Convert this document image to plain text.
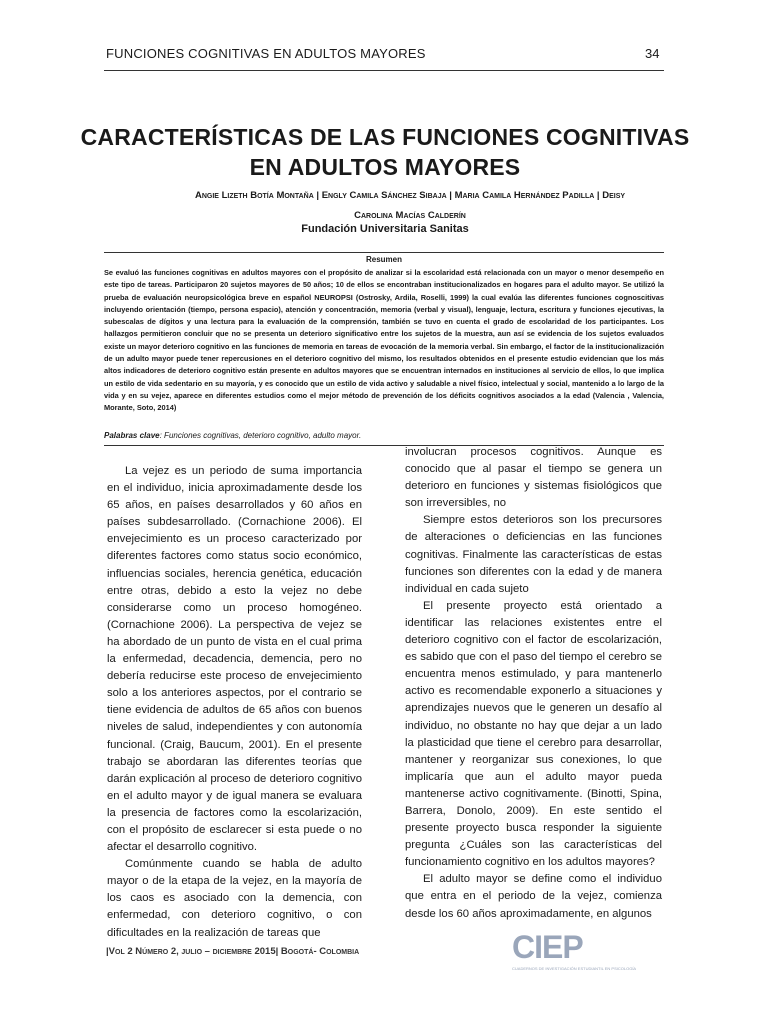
FUNCIONES COGNITIVAS EN ADULTOS MAYORES	34
CARACTERÍSTICAS DE LAS FUNCIONES COGNITIVAS
EN ADULTOS MAYORES
Angie Lizeth Botía Montaña | Engly Camila Sánchez Sibaja | Maria Camila Hernández Padilla | Deisy
Carolina Macías Calderín
Fundación Universitaria Sanitas
Resumen
Se evaluó las funciones cognitivas en adultos mayores con el propósito de analizar si la escolaridad está relacionada con un mayor o menor desempeño en este tipo de tareas. Participaron 20 sujetos mayores de 50 años; 10 de ellos se encontraban institucionalizados en hogares para el adulto mayor. Se utilizó la prueba de evaluación neuropsicológica breve en español NEUROPSI (Ostrosky, Ardila, Roselli, 1999) la cual evalúa las diferentes funciones cognoscitivas incluyendo orientación (tiempo, persona espacio), atención y concentración, memoria (verbal y visual), lenguaje, lectura, escritura y funciones ejecutivas, la subescalas de dígitos y una lectura para la evaluación de la comprensión, también se tuvo en cuenta el grado de escolaridad de los participantes. Los hallazgos permitieron concluir que no se presenta un deterioro significativo entre los sujetos de la muestra, aun así se evidencia de los sujetos evaluados existe un mayor deterioro cognitivo en las funciones de memoria en tareas de evocación de la memoria verbal. Sin embargo, el factor de la institucionalización de un adulto mayor puede tener repercusiones en el deterioro cognitivo del mismo, los resultados obtenidos en el presente estudio evidencian que los más altos indicadores de deterioro cognitivo están presente en adultos mayores que se encuentran internados en instituciones al servicio de ellos, lo que implica un estilo de vida sedentario en su mayoría, y es conocido que un estilo de vida activo y saludable a nivel físico, intelectual y social, mantenido a lo largo de la vida y en su vejez, aparece en diferentes estudios como el mejor método de prevención de los déficits cognitivos asociados a la edad (Valencia , Valencia, Morante, Soto, 2014)
Palabras clave: Funciones cognitivas, deterioro cognitivo, adulto mayor.

La vejez es un periodo de suma importancia en el individuo, inicia aproximadamente desde los 65 años, en países desarrollados y 60 años en países subdesarrollado. (Cornachione 2006). El envejecimiento es un proceso caracterizado por diferentes factores como status socio económico, influencias sociales, herencia genética, educación entre otras, debido a esto la vejez no debe considerarse como un proceso homogéneo. (Cornachione 2006). La perspectiva de vejez se ha abordado de un punto de vista en el cual prima la enfermedad, decadencia, demencia, pero no debería reducirse este proceso de envejecimiento solo a los anteriores aspectos, por el contrario se tiene evidencia de adultos de 65 años con buenos niveles de salud, independientes y con autonomía funcional. (Craig, Baucum, 2001). En el presente trabajo se abordaran las diferentes teorías que darán explicación al proceso de deterioro cognitivo en el adulto mayor y de igual manera se evaluara la presencia de factores como la escolarización, con el propósito de esclarecer si esta puede o no afectar el desarrollo cognitivo.

Comúnmente cuando se habla de adulto mayor o de la etapa de la vejez, en la mayoría de los caos es asociado con la demencia, con enfermedad, con deterioro cognitivo, o con dificultades en la realización de tareas que

involucran procesos cognitivos. Aunque es conocido que al pasar el tiempo se genera un deterioro en funciones y sistemas fisiológicos que son irreversibles, no

Siempre estos deterioros son los precursores de alteraciones o deficiencias en las funciones cognitivas. Finalmente las características de estas funciones son diferentes con la edad y de manera individual en cada sujeto

El presente proyecto está orientado a identificar las relaciones existentes entre el deterioro cognitivo con el factor de escolarización, es sabido que con el paso del tiempo el cerebro se encuentra menos estimulado, y para mantenerlo activo es recomendable exponerlo a situaciones y aprendizajes nuevos que le generen un desafío al individuo, no obstante no hay que dejar a un lado la plasticidad que tiene el cerebro para desarrollar, mantener y reorganizar sus conexiones, lo que implicaría que aun el adulto mayor pueda mantenerse activo cognitivamente. (Binotti, Spina, Barrera, Donolo, 2009). En este sentido el presente proyecto busca responder la siguiente pregunta ¿Cuáles son las características del funcionamiento cognitivo en los adultos mayores?

El adulto mayor se define como el individuo que entra en el periodo de la vejez, comienza desde los 60 años aproximadamente, en algunos

|Vol 2 Número 2, julio – diciembre 2015| Bogotá- Colombia	CIEP
CUADERNOS DE INVESTIGACIÓN ESTUDIANTIL EN PSICOLOGÍA
